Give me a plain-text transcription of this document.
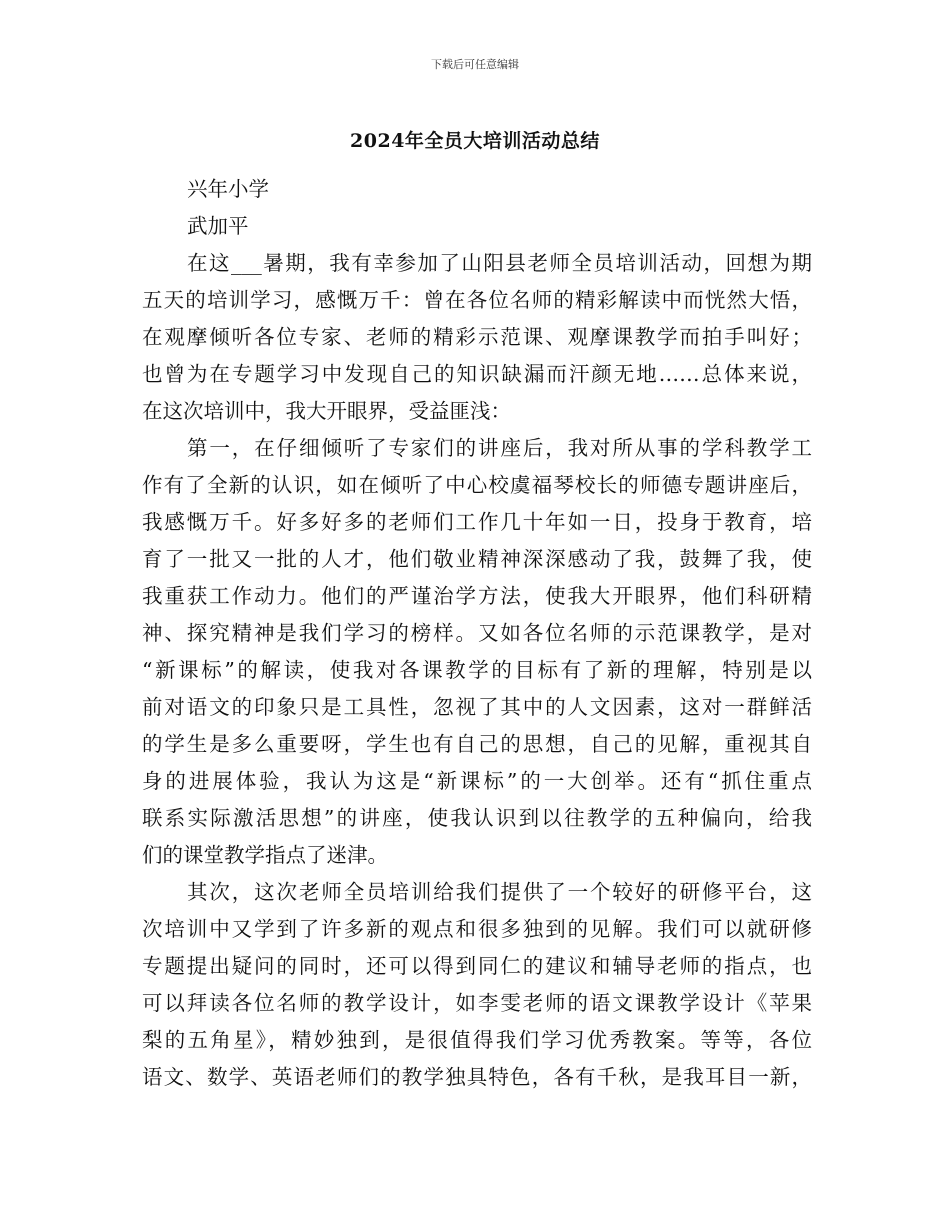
下载后可任意编辑
2024年全员大培训活动总结
兴年小学
武加平
在这___暑期，我有幸参加了山阳县老师全员培训活动，回想为期
五天的培训学习，感慨万千：曾在各位名师的精彩解读中而恍然大悟，
在观摩倾听各位专家、老师的精彩示范课、观摩课教学而拍手叫好；
也曾为在专题学习中发现自己的知识缺漏而汗颜无地……总体来说，
在这次培训中，我大开眼界，受益匪浅：
第一，在仔细倾听了专家们的讲座后，我对所从事的学科教学工
作有了全新的认识，如在倾听了中心校虞福琴校长的师德专题讲座后，
我感慨万千。好多好多的老师们工作几十年如一日，投身于教育，培
育了一批又一批的人才，他们敬业精神深深感动了我，鼓舞了我，使
我重获工作动力。他们的严谨治学方法，使我大开眼界，他们科研精
神、探究精神是我们学习的榜样。又如各位名师的示范课教学，是对
“新课标”的解读，使我对各课教学的目标有了新的理解，特别是以
前对语文的印象只是工具性，忽视了其中的人文因素，这对一群鲜活
的学生是多么重要呀，学生也有自己的思想，自己的见解，重视其自
身的进展体验，我认为这是“新课标”的一大创举。还有“抓住重点
联系实际激活思想”的讲座，使我认识到以往教学的五种偏向，给我
们的课堂教学指点了迷津。
其次，这次老师全员培训给我们提供了一个较好的研修平台，这
次培训中又学到了许多新的观点和很多独到的见解。我们可以就研修
专题提出疑问的同时，还可以得到同仁的建议和辅导老师的指点，也
可以拜读各位名师的教学设计，如李雯老师的语文课教学设计《苹果
梨的五角星》，精妙独到，是很值得我们学习优秀教案。等等，各位
语文、数学、英语老师们的教学独具特色，各有千秋，是我耳目一新，
